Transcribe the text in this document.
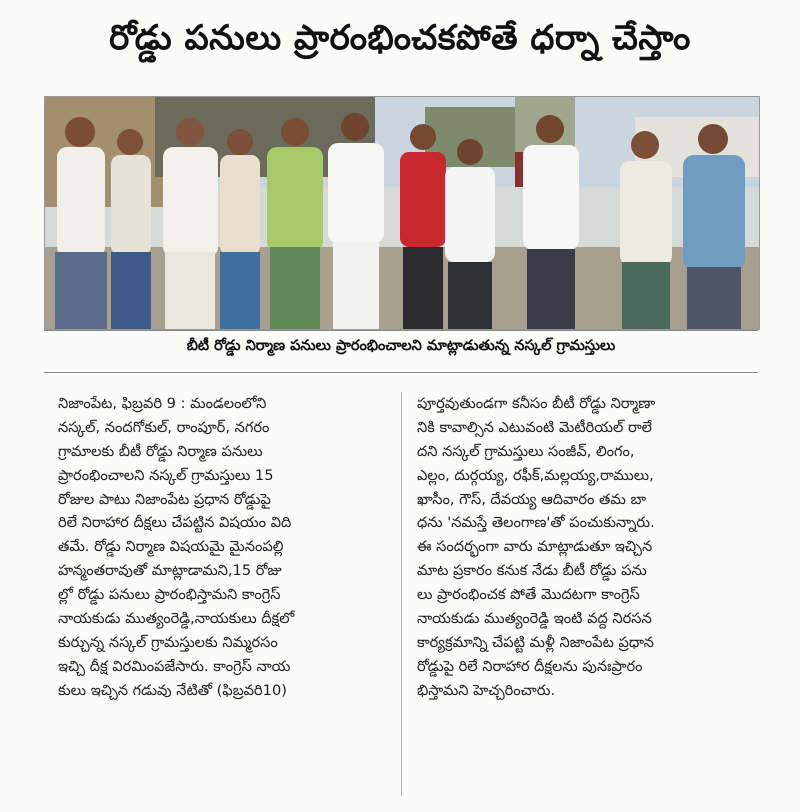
రోడ్డు పనులు ప్రారంభించకపోతే ధర్నా చేస్తాం
బీటీ రోడ్డు నిర్మాణ పనులు ప్రారంభించాలని మాట్లాడుతున్న నస్కల్ గ్రామస్తులు
నిజాంపేట, ఫిబ్రవరి 9 : మండలంలోని
నస్కల్, నందగోకుల్, రాంపూర్, నగరం
గ్రామాలకు బీటీ రోడ్డు నిర్మాణ పనులు
ప్రారంభించాలని నస్కల్ గ్రామస్తులు 15
రోజుల పాటు నిజాంపేట ప్రధాన రోడ్డుపై
రిలే నిరాహార దీక్షలు చేపట్టిన విషయం విది
తమే. రోడ్డు నిర్మాణ విషయమై మైనంపల్లి
హన్మంతరావుతో మాట్లాడామని,15 రోజు
ల్లో రోడ్డు పనులు ప్రారంభిస్తామని కాంగ్రెస్
నాయకుడు ముత్యంరెడ్డి,నాయకులు దీక్షలో
కుర్చున్న నస్కల్ గ్రామస్తులకు నిమ్మరసం
ఇచ్చి దీక్ష విరమింపజేసారు. కాంగ్రెస్ నాయ
కులు ఇచ్చిన గడువు నేటితో (ఫిబ్రవరి10)
పూర్తవుతుండగా కనీసం బీటీ రోడ్డు నిర్మాణా
నికి కావాల్సిన ఎటువంటి మెటీరియల్ రాలే
దని నస్కల్ గ్రామస్తులు సంజీవ్, లింగం,
ఎల్లం, దుర్గయ్య, రఫీక్,మల్లయ్య,రాములు,
ఖాసీం, గౌస్, దేవయ్య ఆదివారం తమ బా
ధను 'నమస్తే తెలంగాణ'తో పంచుకున్నారు.
ఈ సందర్భంగా వారు మాట్లాడుతూ ఇచ్చిన
మాట ప్రకారం కనుక నేడు బీటీ రోడ్డు పను
లు ప్రారంభించక పోతే మొదటగా కాంగ్రెస్
నాయకుడు ముత్యంరెడ్డి ఇంటి వద్ద నిరసన
కార్యక్రమాన్ని చేపట్టి మళ్లీ నిజాంపేట ప్రధాన
రోడ్డుపై రిలే నిరాహార దీక్షలను పునఃప్రారం
భిస్తామని హెచ్చరించారు.
